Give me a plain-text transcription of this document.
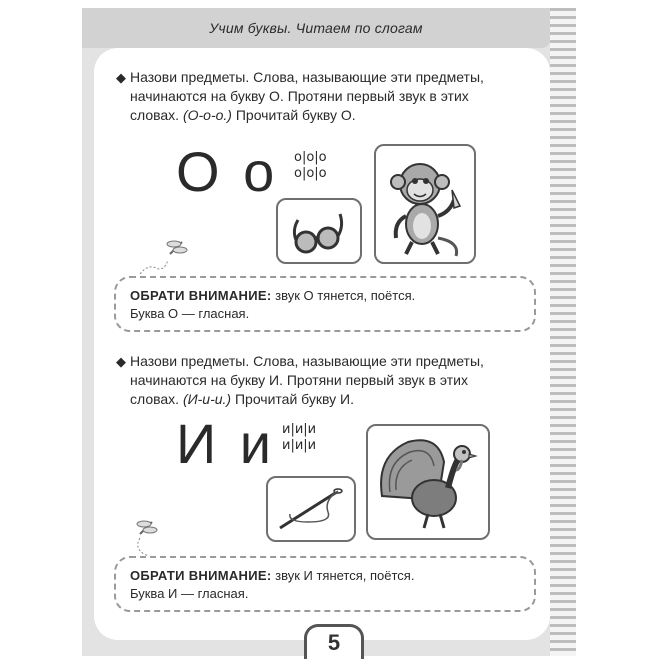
Учим буквы. Читаем по слогам
◆ Назови предметы. Слова, называющие эти предметы,
начинаются на букву О. Протяни первый звук в этих
словах. (О-о-о.) Прочитай букву О.
О о о|о|о
о|о|о
ОБРАТИ ВНИМАНИЕ: звук О тянется, поётся.
Буква О — гласная.
◆ Назови предметы. Слова, называющие эти предметы,
начинаются на букву И. Протяни первый звук в этих
словах. (И-и-и.) Прочитай букву И.
И и и|и|и
и|и|и
ОБРАТИ ВНИМАНИЕ: звук И тянется, поётся.
Буква И — гласная.
5
